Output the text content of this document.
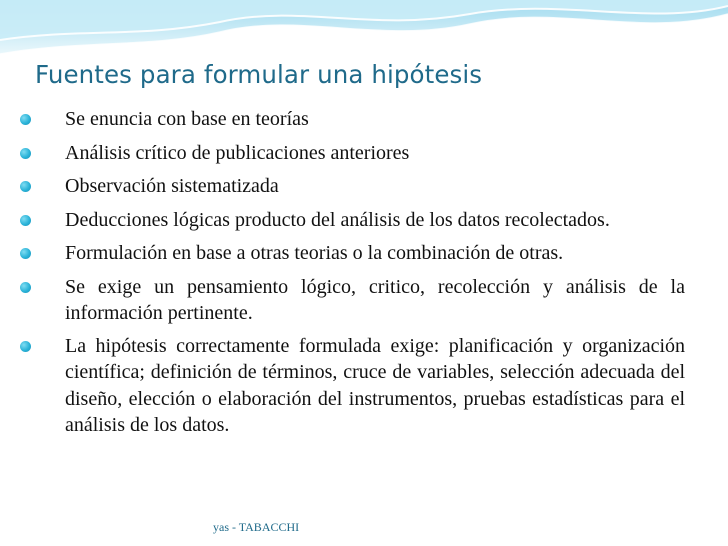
Fuentes para formular una hipótesis
Se enuncia con base en teorías
Análisis crítico de publicaciones anteriores
Observación sistematizada
Deducciones lógicas producto del análisis de los datos recolectados.
Formulación en base a otras teorias o la combinación de otras.
Se exige un pensamiento lógico, critico, recolección y análisis de la información pertinente.
La hipótesis correctamente formulada exige: planificación y organización científica; definición de términos, cruce de variables, selección adecuada del diseño, elección o elaboración del instrumentos, pruebas estadísticas para el análisis de los datos.
yas - TABACCHI
